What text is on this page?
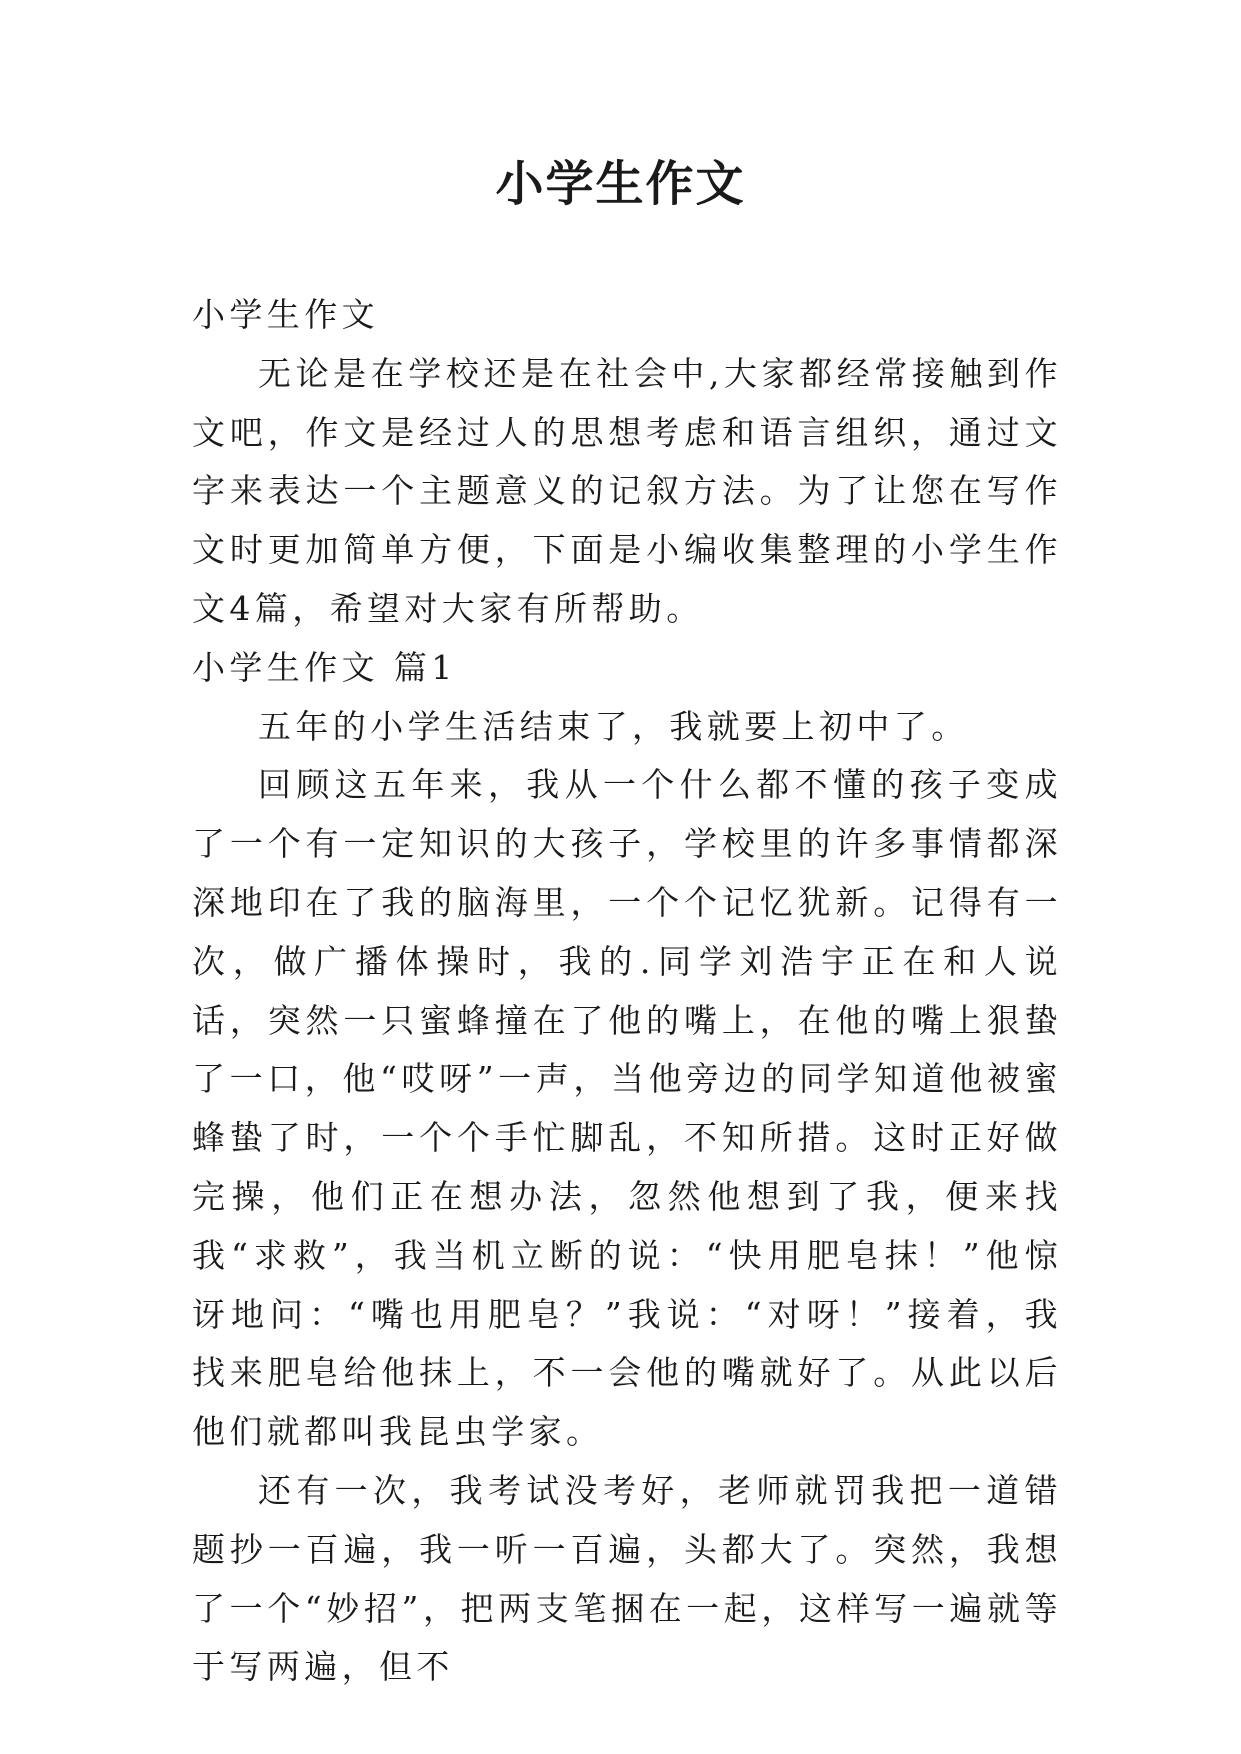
小学生作文

小学生作文

无论是在学校还是在社会中,大家都经常接触到作文吧，作文是经过人的思想考虑和语言组织，通过文字来表达一个主题意义的记叙方法。为了让您在写作文时更加简单方便，下面是小编收集整理的小学生作文4篇，希望对大家有所帮助。

小学生作文 篇1

五年的小学生活结束了，我就要上初中了。

回顾这五年来，我从一个什么都不懂的孩子变成了一个有一定知识的大孩子，学校里的许多事情都深深地印在了我的脑海里，一个个记忆犹新。记得有一次，做广播体操时，我的.同学刘浩宇正在和人说话，突然一只蜜蜂撞在了他的嘴上，在他的嘴上狠蛰了一口，他“哎呀”一声，当他旁边的同学知道他被蜜蜂蛰了时，一个个手忙脚乱，不知所措。这时正好做完操，他们正在想办法，忽然他想到了我，便来找我“求救”，我当机立断的说：“快用肥皂抹！”他惊讶地问：“嘴也用肥皂？”我说：“对呀！”接着，我找来肥皂给他抹上，不一会他的嘴就好了。从此以后他们就都叫我昆虫学家。

还有一次，我考试没考好，老师就罚我把一道错题抄一百遍，我一听一百遍，头都大了。突然，我想了一个“妙招”，把两支笔捆在一起，这样写一遍就等于写两遍，但不
